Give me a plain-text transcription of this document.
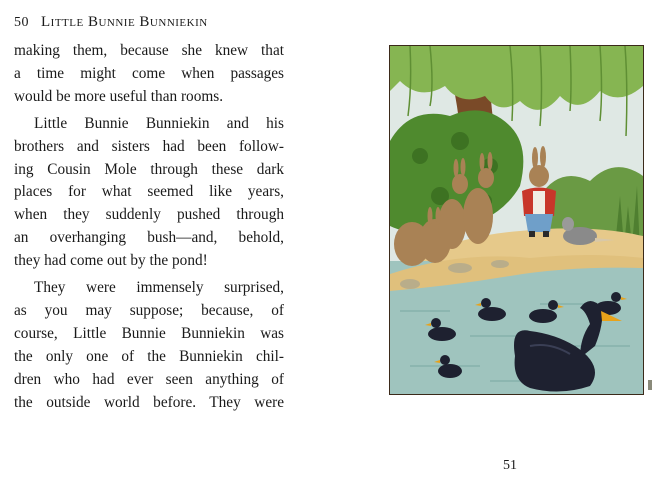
50 Little Bunnie Bunniekin

making them, because she knew that
a time might come when passages
would be more useful than rooms.
Little Bunnie Bunniekin and his
brothers and sisters had been follow-
ing Cousin Mole through these dark
places for what seemed like years,
when they suddenly pushed through
an overhanging bush—and, behold,
they had come out by the pond!
They were immensely surprised,
as you may suppose; because, of
course, Little Bunnie Bunniekin was
the only one of the Bunniekin chil-
dren who had ever seen anything of
the outside world before. They were

51
